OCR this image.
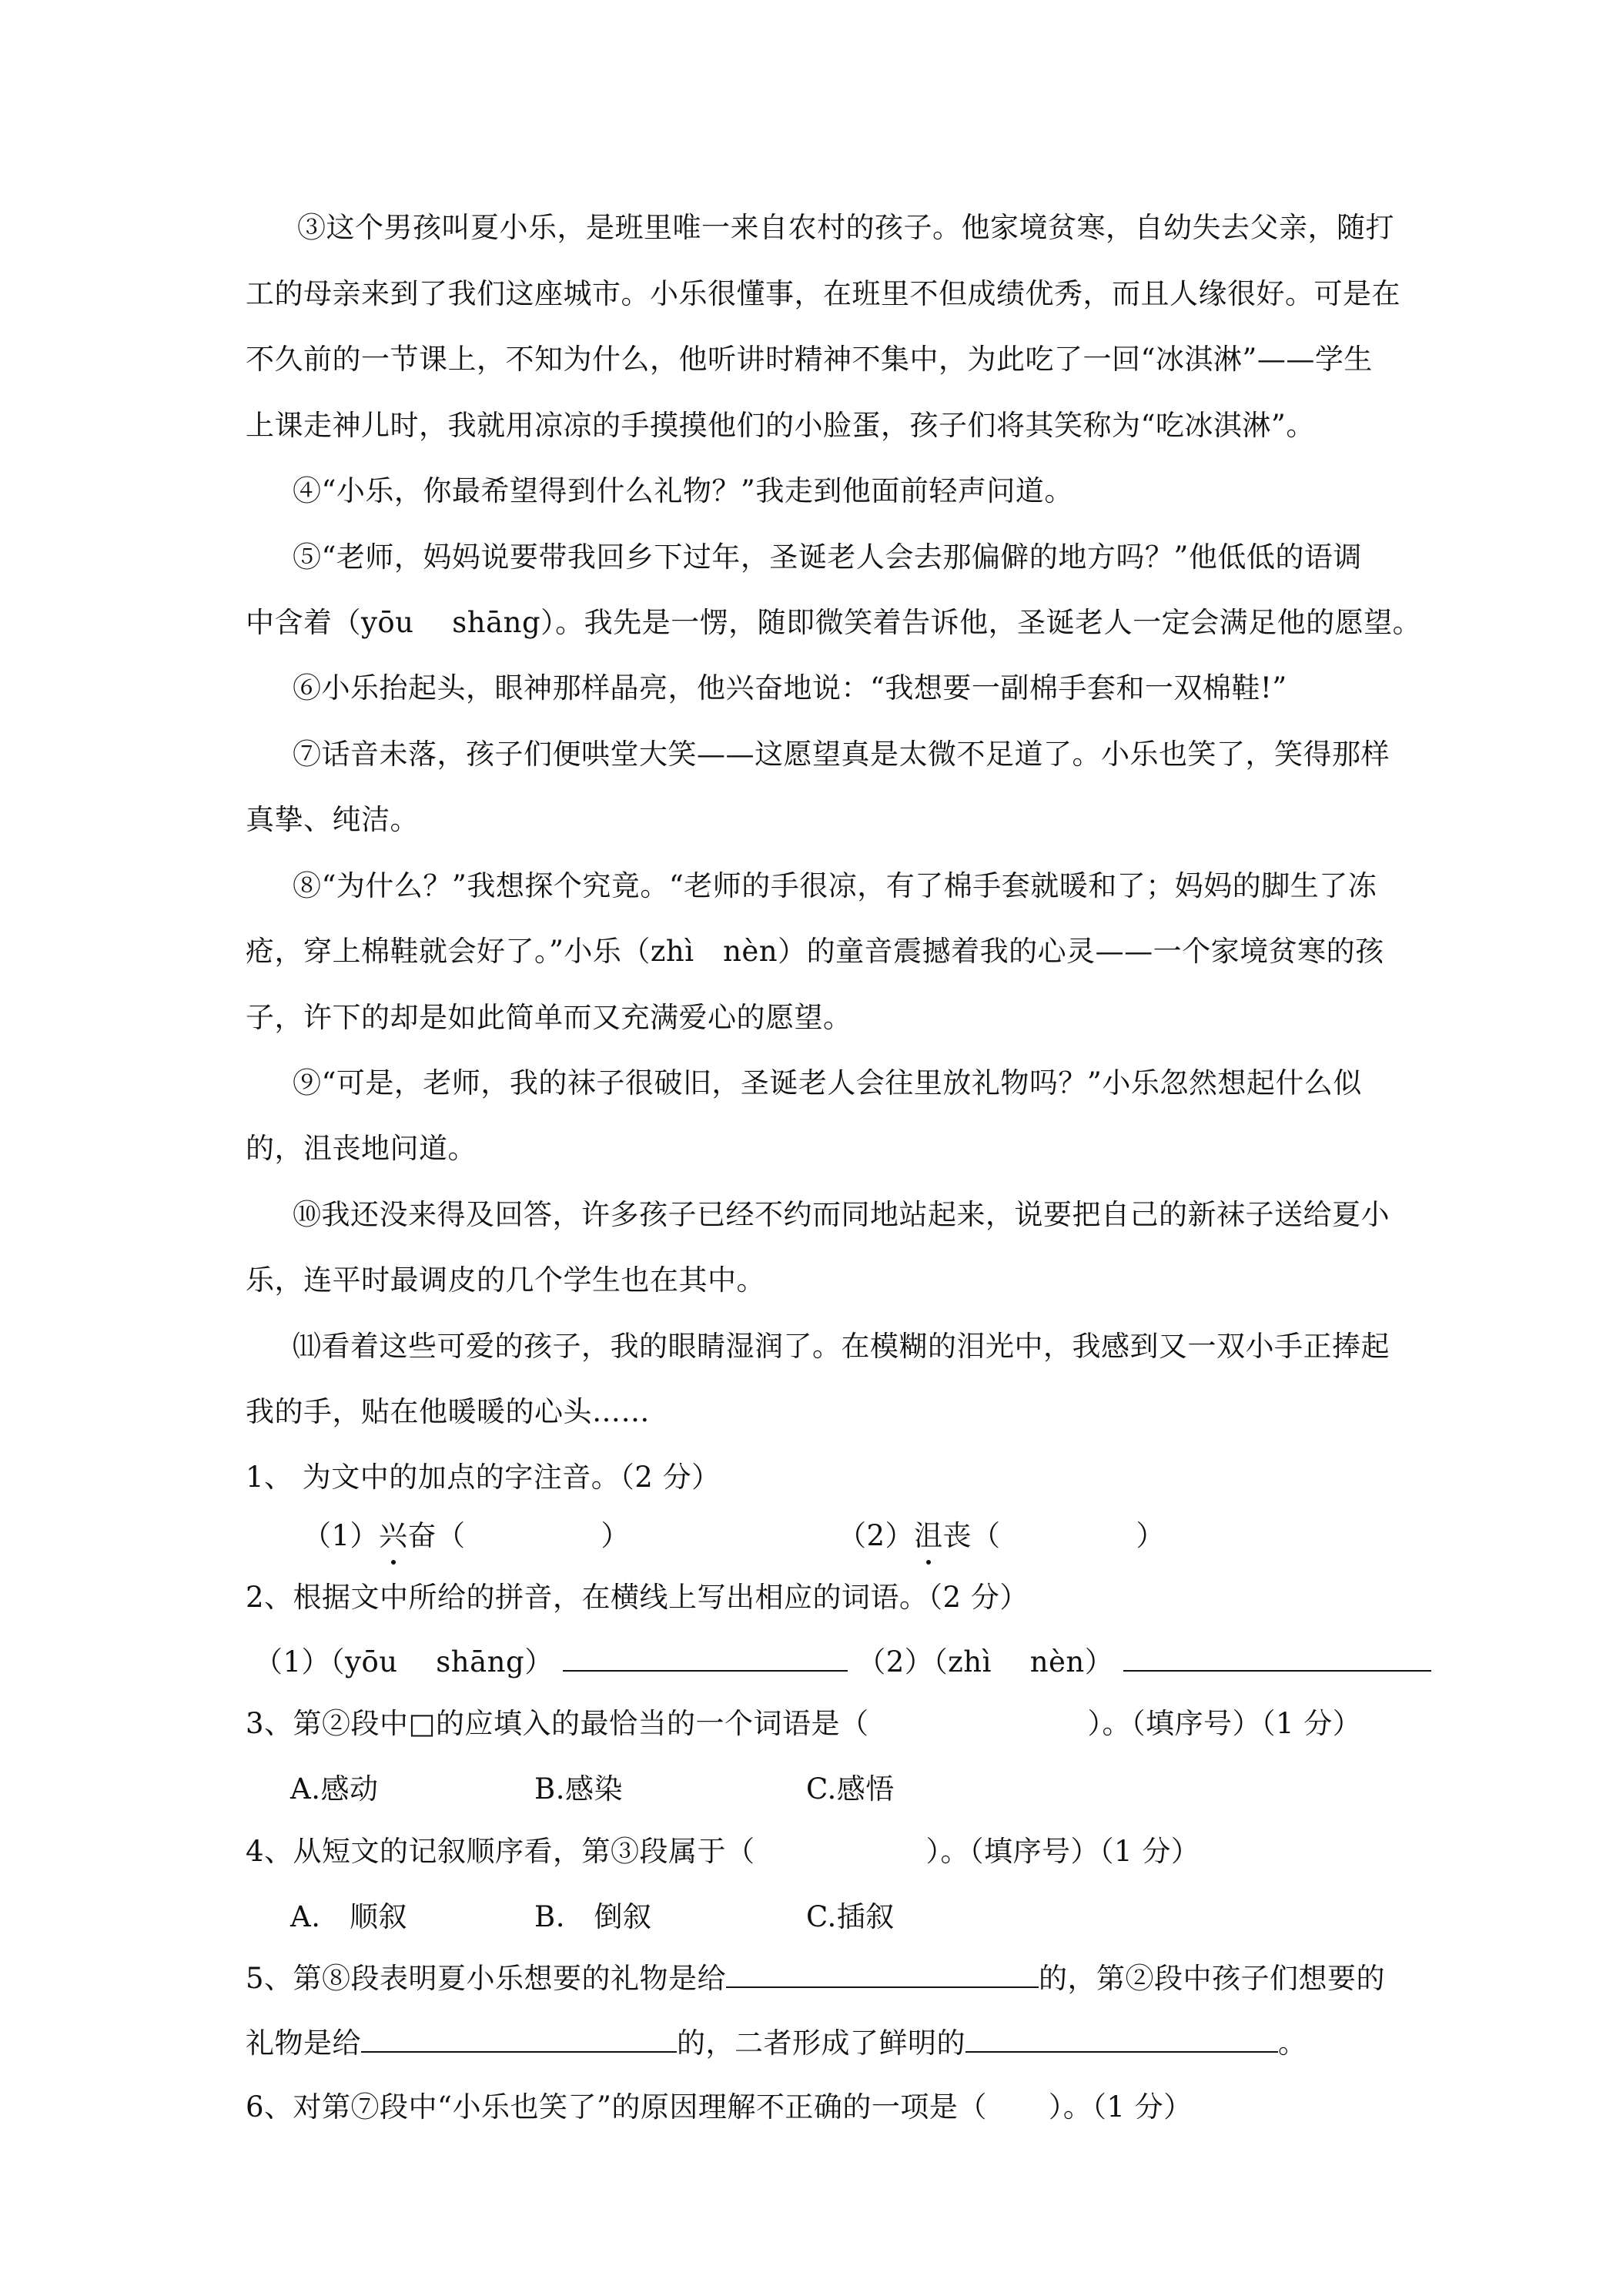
③这个男孩叫夏小乐，是班里唯一来自农村的孩子。他家境贫寒，自幼失去父亲，随打
工的母亲来到了我们这座城市。小乐很懂事，在班里不但成绩优秀，而且人缘很好。可是在
不久前的一节课上，不知为什么，他听讲时精神不集中，为此吃了一回“冰淇淋”——学生
上课走神儿时，我就用凉凉的手摸摸他们的小脸蛋，孩子们将其笑称为“吃冰淇淋”。
④“小乐，你最希望得到什么礼物？”我走到他面前轻声问道。
⑤“老师，妈妈说要带我回乡下过年，圣诞老人会去那偏僻的地方吗？”他低低的语调
中含着（yōu　 shāng）。我先是一愣，随即微笑着告诉他，圣诞老人一定会满足他的愿望。
⑥小乐抬起头，眼神那样晶亮，他兴奋地说：“我想要一副棉手套和一双棉鞋!”
⑦话音未落，孩子们便哄堂大笑——这愿望真是太微不足道了。小乐也笑了，笑得那样
真挚、纯洁。
⑧“为什么？”我想探个究竟。“老师的手很凉，有了棉手套就暖和了；妈妈的脚生了冻
疮，穿上棉鞋就会好了。”小乐（zhì　nèn）的童音震撼着我的心灵——一个家境贫寒的孩
子，许下的却是如此简单而又充满爱心的愿望。
⑨“可是，老师，我的袜子很破旧，圣诞老人会往里放礼物吗？”小乐忽然想起什么似
的，沮丧地问道。
⑩我还没来得及回答，许多孩子已经不约而同地站起来，说要把自己的新袜子送给夏小
乐，连平时最调皮的几个学生也在其中。
⑾看着这些可爱的孩子，我的眼睛湿润了。在模糊的泪光中，我感到又一双小手正捧起
我的手，贴在他暖暖的心头……
1、 为文中的加点的字注音。（2 分）
（1）兴奋（	）	（2）沮丧（	）
2、根据文中所给的拼音，在横线上写出相应的词语。（2 分）
（1）（yōu　 shāng）	（2）（zhì　 nèn）
3、第②段中□的应填入的最恰当的一个词语是（	）。（填序号）（1 分）
A.感动	B.感染	C.感悟
4、从短文的记叙顺序看，第③段属于（	）。（填序号）（1 分）
A.　顺叙	B.　倒叙	C.插叙
5、第⑧段表明夏小乐想要的礼物是给	的，第②段中孩子们想要的
礼物是给	的，二者形成了鲜明的	。
6、对第⑦段中“小乐也笑了”的原因理解不正确的一项是（ ）。（1 分）
